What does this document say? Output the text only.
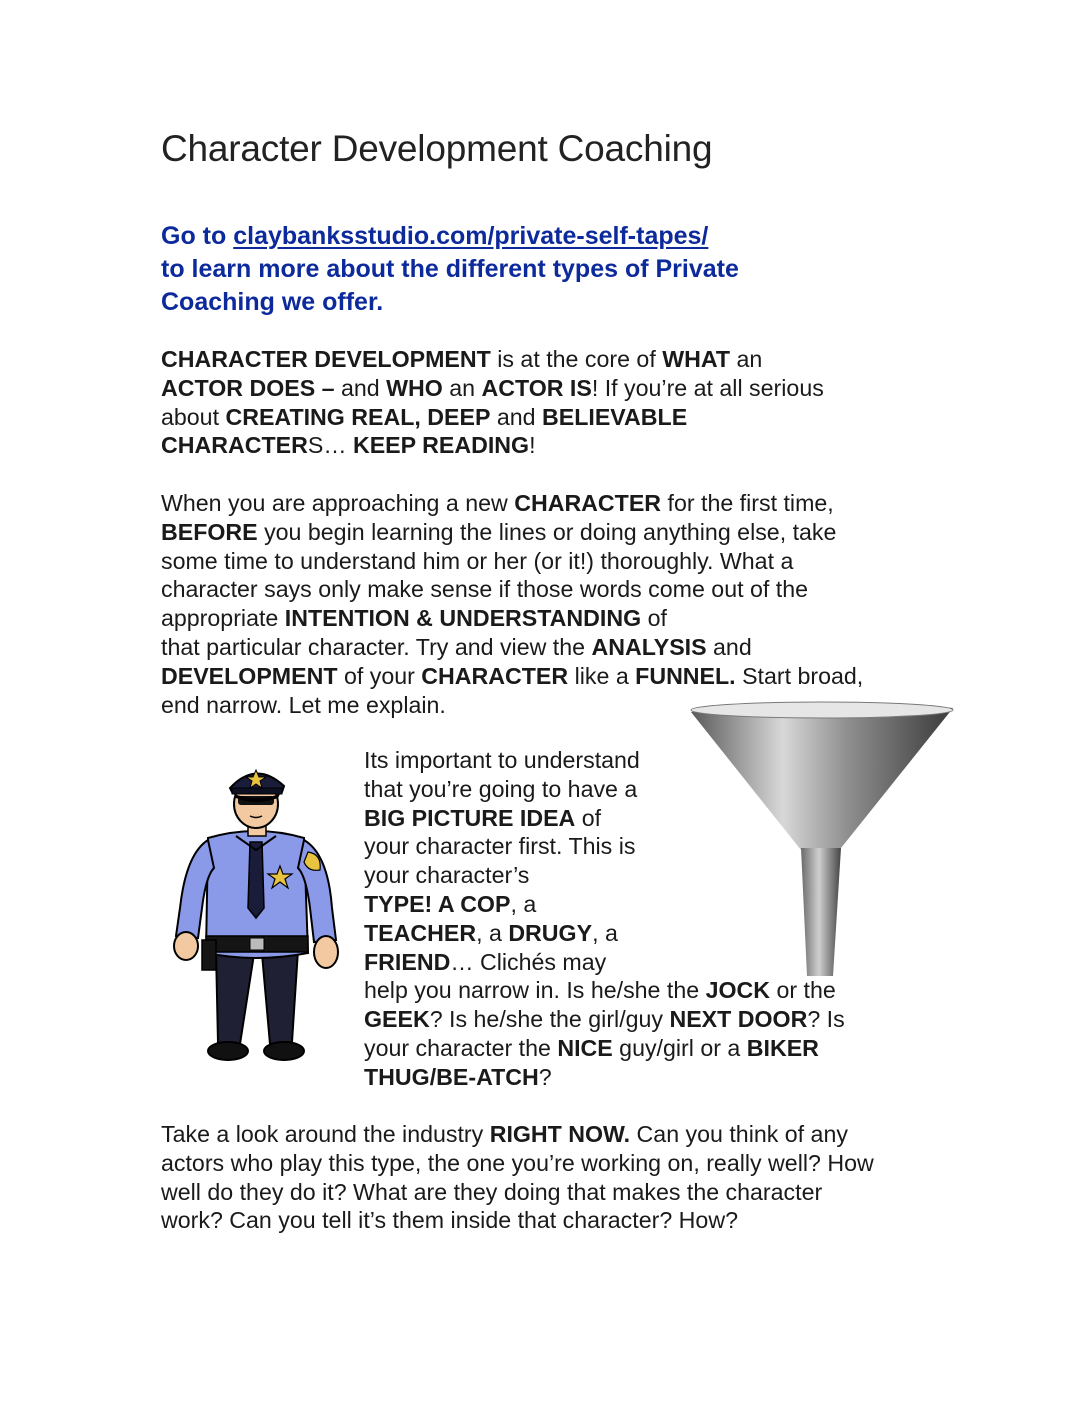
Character Development Coaching
Go to claybanksstudio.com/private-self-tapes/
to learn more about the different types of Private
Coaching we offer.
CHARACTER DEVELOPMENT is at the core of WHAT an
ACTOR DOES – and WHO an ACTOR IS! If you’re at all serious
about CREATING REAL, DEEP and BELIEVABLE
CHARACTERS… KEEP READING!
When you are approaching a new CHARACTER for the first time,
BEFORE you begin learning the lines or doing anything else, take
some time to understand him or her (or it!) thoroughly. What a
character says only make sense if those words come out of the
appropriate INTENTION & UNDERSTANDING of
that particular character. Try and view the ANALYSIS and
DEVELOPMENT of your CHARACTER like a FUNNEL. Start broad,
end narrow. Let me explain.
Its important to understand
that you’re going to have a
BIG PICTURE IDEA of
your character first. This is
your character’s
TYPE! A COP, a
TEACHER, a DRUGY, a
FRIEND… Clichés may
help you narrow in. Is he/she the JOCK or the
GEEK? Is he/she the girl/guy NEXT DOOR? Is
your character the NICE guy/girl or a BIKER
THUG/BE-ATCH?
Take a look around the industry RIGHT NOW. Can you think of any
actors who play this type, the one you’re working on, really well? How
well do they do it? What are they doing that makes the character
work? Can you tell it’s them inside that character? How?
